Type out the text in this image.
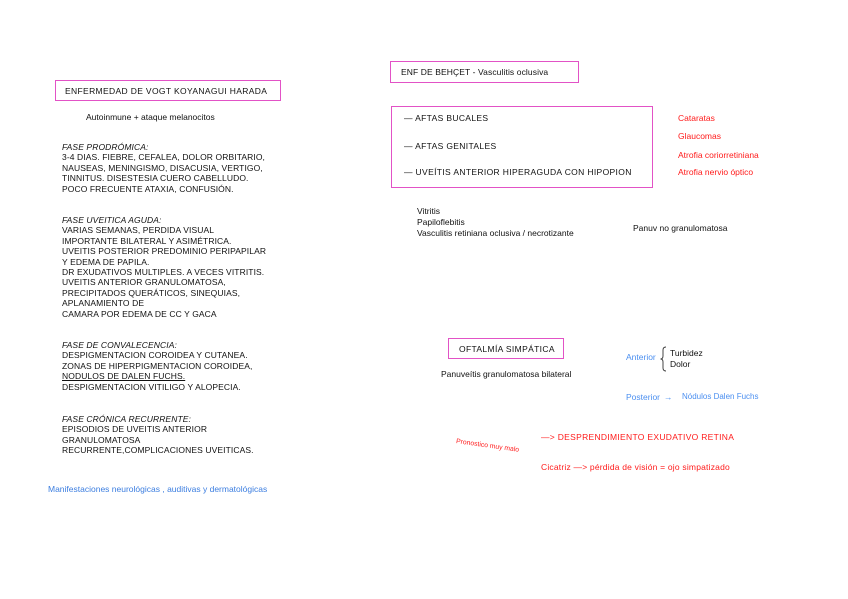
ENFERMEDAD DE VOGT KOYANAGUI HARADA
Autoinmune + ataque melanocitos
FASE PRODRÓMICA:
3-4 DIAS. FIEBRE, CEFALEA, DOLOR ORBITARIO,
NAUSEAS, MENINGISMO, DISACUSIA, VERTIGO,
TINNITUS. DISESTESIA CUERO CABELLUDO.
POCO FRECUENTE ATAXIA, CONFUSIÓN.
FASE UVEITICA AGUDA:
VARIAS SEMANAS, PERDIDA VISUAL
IMPORTANTE BILATERAL Y ASIMÉTRICA.
UVEITIS POSTERIOR PREDOMINIO PERIPAPILAR
Y EDEMA DE PAPILA.
DR EXUDATIVOS MULTIPLES. A VECES VITRITIS.
UVEITIS ANTERIOR GRANULOMATOSA,
PRECIPITADOS QUERÁTICOS, SINEQUIAS,
APLANAMIENTO DE
CAMARA POR EDEMA DE CC Y GACA
FASE DE CONVALECENCIA:
DESPIGMENTACION COROIDEA Y CUTANEA.
ZONAS DE HIPERPIGMENTACION COROIDEA,
NODULOS DE DALEN FUCHS.
DESPIGMENTACION VITILIGO Y ALOPECIA.
FASE CRÓNICA RECURRENTE:
EPISODIOS DE UVEITIS ANTERIOR
GRANULOMATOSA
RECURRENTE,COMPLICACIONES UVEITICAS.
Manifestaciones neurológicas , auditivas y dermatológicas
ENF DE BEHÇET - Vasculitis oclusiva
— AFTAS BUCALES
— AFTAS GENITALES
— UVEÍTIS ANTERIOR HIPERAGUDA CON HIPOPION
Cataratas
Glaucomas
Atrofia coriorretiniana
Atrofia nervio óptico
Vitritis
Papiloflebitis
Vasculitis retiniana oclusiva / necrotizante	Panuv no granulomatosa
OFTALMÍA SIMPÁTICA
Panuveítis granulomatosa bilateral
Anterior Turbidez
Dolor
Posterior → Nódulos Dalen Fuchs
Pronostico muy malo
—> DESPRENDIMIENTO EXUDATIVO RETINA
Cicatriz —> pérdida de visión = ojo simpatizado
